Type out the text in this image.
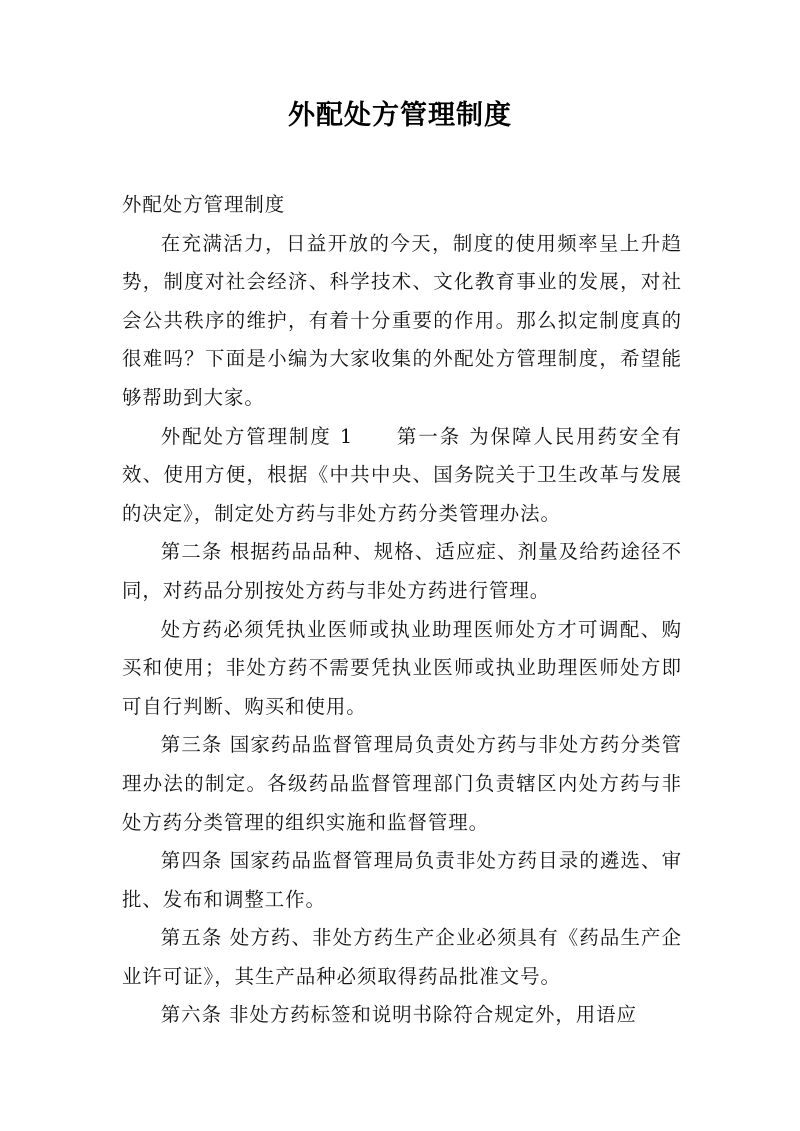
外配处方管理制度

外配处方管理制度

在充满活力，日益开放的今天，制度的使用频率呈上升趋势，制度对社会经济、科学技术、文化教育事业的发展，对社会公共秩序的维护，有着十分重要的作用。那么拟定制度真的很难吗？下面是小编为大家收集的外配处方管理制度，希望能够帮助到大家。

外配处方管理制度 1　　第一条 为保障人民用药安全有效、使用方便，根据《中共中央、国务院关于卫生改革与发展的决定》，制定处方药与非处方药分类管理办法。

第二条 根据药品品种、规格、适应症、剂量及给药途径不同，对药品分别按处方药与非处方药进行管理。

处方药必须凭执业医师或执业助理医师处方才可调配、购买和使用；非处方药不需要凭执业医师或执业助理医师处方即可自行判断、购买和使用。

第三条 国家药品监督管理局负责处方药与非处方药分类管理办法的制定。各级药品监督管理部门负责辖区内处方药与非处方药分类管理的组织实施和监督管理。

第四条 国家药品监督管理局负责非处方药目录的遴选、审批、发布和调整工作。

第五条 处方药、非处方药生产企业必须具有《药品生产企业许可证》，其生产品种必须取得药品批准文号。

第六条 非处方药标签和说明书除符合规定外，用语应
